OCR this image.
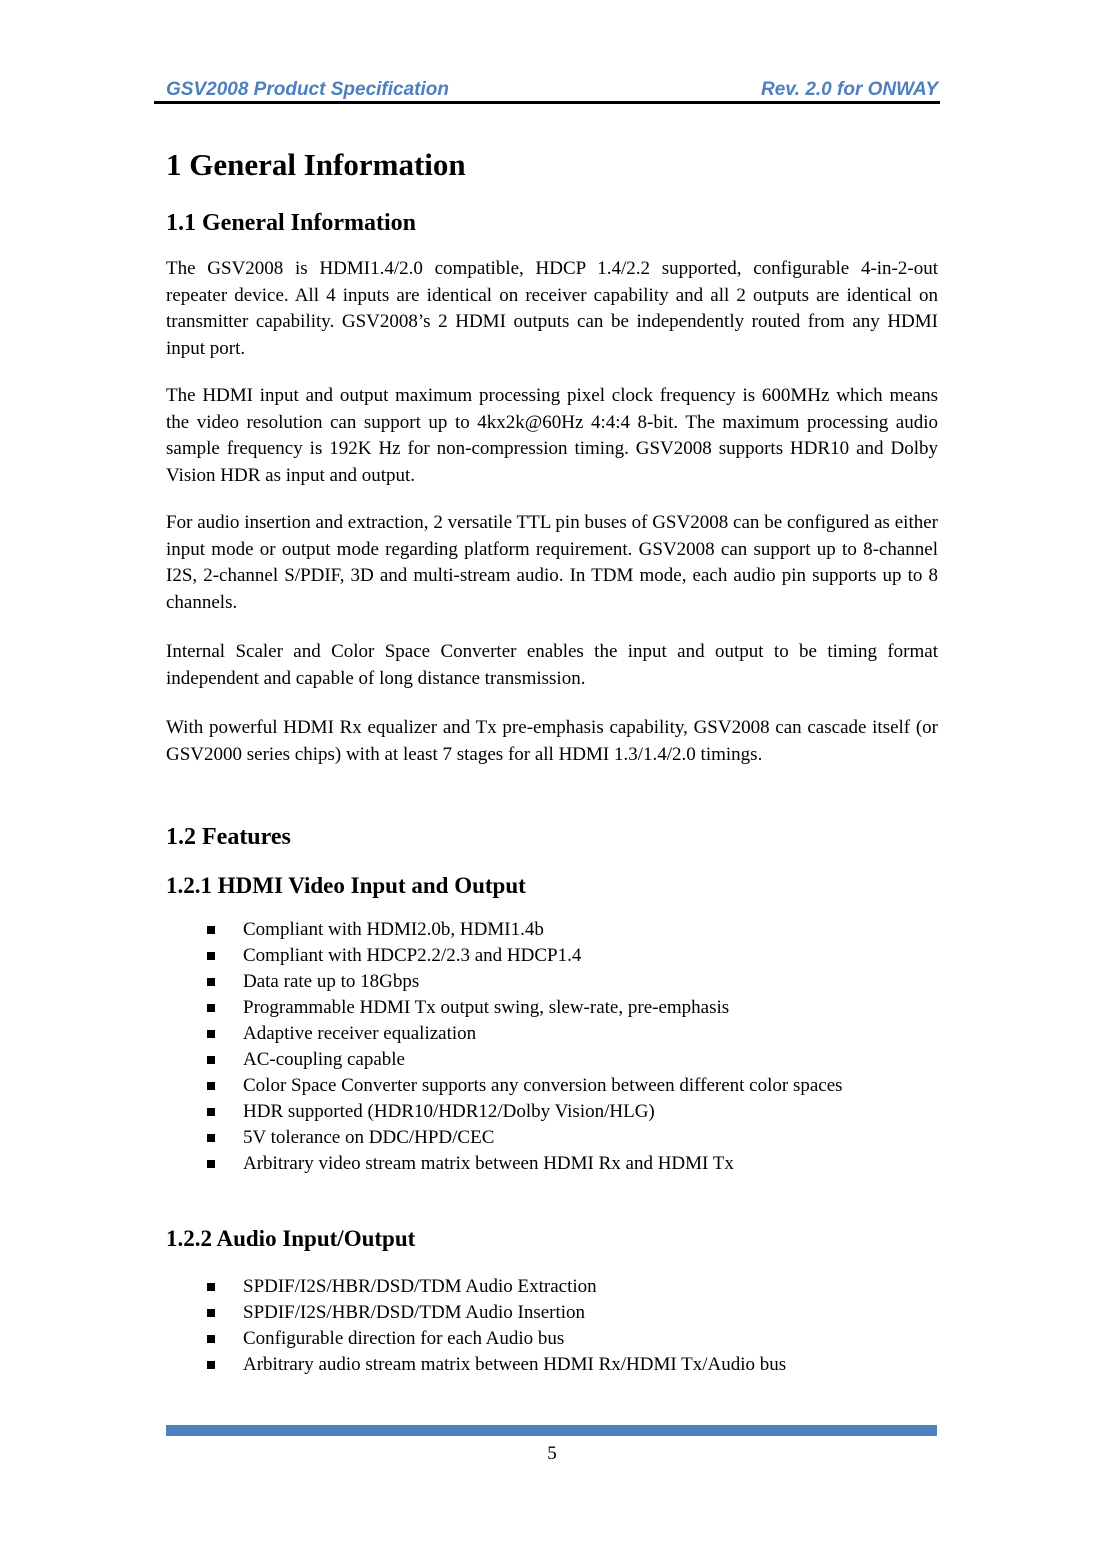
GSV2008 Product Specification	Rev. 2.0 for ONWAY
1 General Information
1.1 General Information

The GSV2008 is HDMI1.4/2.0 compatible, HDCP 1.4/2.2 supported, configurable 4-in-2-out repeater device. All 4 inputs are identical on receiver capability and all 2 outputs are identical on transmitter capability. GSV2008’s 2 HDMI outputs can be independently routed from any HDMI input port.

The HDMI input and output maximum processing pixel clock frequency is 600MHz which means the video resolution can support up to 4kx2k@60Hz 4:4:4 8-bit. The maximum processing audio sample frequency is 192K Hz for non-compression timing. GSV2008 supports HDR10 and Dolby Vision HDR as input and output.

For audio insertion and extraction, 2 versatile TTL pin buses of GSV2008 can be configured as either input mode or output mode regarding platform requirement. GSV2008 can support up to 8-channel I2S, 2-channel S/PDIF, 3D and multi-stream audio. In TDM mode, each audio pin supports up to 8 channels.

Internal Scaler and Color Space Converter enables the input and output to be timing format independent and capable of long distance transmission.

With powerful HDMI Rx equalizer and Tx pre-emphasis capability, GSV2008 can cascade itself (or GSV2000 series chips) with at least 7 stages for all HDMI 1.3/1.4/2.0 timings.

1.2 Features
1.2.1 HDMI Video Input and Output
Compliant with HDMI2.0b, HDMI1.4b
Compliant with HDCP2.2/2.3 and HDCP1.4
Data rate up to 18Gbps
Programmable HDMI Tx output swing, slew-rate, pre-emphasis
Adaptive receiver equalization
AC-coupling capable
Color Space Converter supports any conversion between different color spaces
HDR supported (HDR10/HDR12/Dolby Vision/HLG)
5V tolerance on DDC/HPD/CEC
Arbitrary video stream matrix between HDMI Rx and HDMI Tx
1.2.2 Audio Input/Output
SPDIF/I2S/HBR/DSD/TDM Audio Extraction
SPDIF/I2S/HBR/DSD/TDM Audio Insertion
Configurable direction for each Audio bus
Arbitrary audio stream matrix between HDMI Rx/HDMI Tx/Audio bus
5
